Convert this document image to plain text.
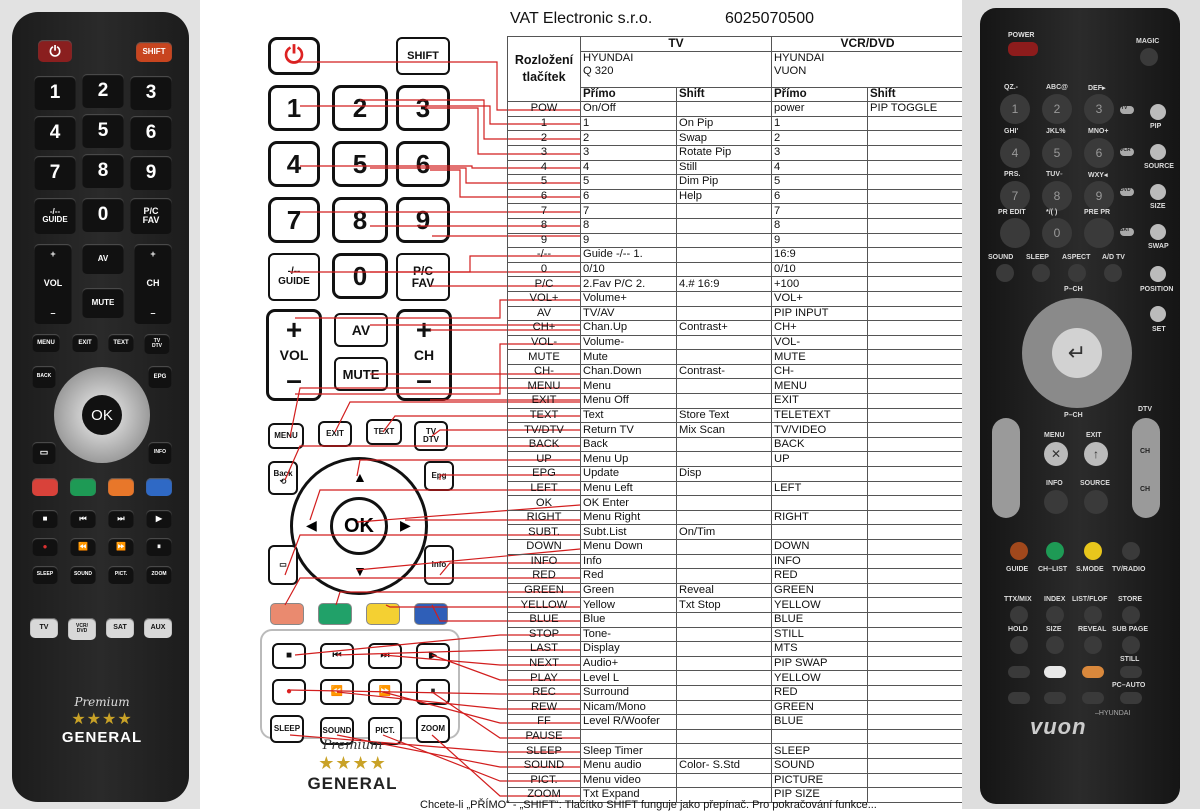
⏻	SHIFT
1	2	3
4	5	6
7	8	9
-/--
GUIDE	0	P/C
FAV
+
VOL
–
AV
MUTE
+
CH
–
MENU	EXIT	TEXT	TV
DTV
BACK	EPG
OK
▭	INFO
■	⏮	⏭	▶
●	⏪	⏩	⏸
SLEEP	SOUND	PICT.	ZOOM
TV	VCR/
DVD	SAT	AUX
Premium
★★★★
GENERAL
⏻	SHIFT
1	2	3
4	5	6
7	8	9
-/--
GUIDE	0	P/C
FAV
+
VOL
–
AV
MUTE
+
CH
–
MENU	EXIT	TEXT	TV
DTV
Back
⟲
Epg
OK
▲
▼
◀	▶
▭	Info
■	⏮	⏭	▶
●	⏪	⏩	⏸
SLEEP	SOUND	PICT.	ZOOM
Premium
★★★★
GENERAL
VAT Electronic s.r.o.	6025070500
Rozložení tlačítek	TV		VCR/DVD	
	HYUNDAI
Q 320		HYUNDAI
VUON	
	Přímo	Shift	Přímo	Shift
POW	On/Off		power	PIP TOGGLE
1	1	On Pip	1	
2	2	Swap	2	
3	3	Rotate Pip	3	
4	4	Still	4	
5	5	Dim Pip	5	
6	6	Help	6	
7	7		7	
8	8		8	
9	9		9	
-/--	Guide -/-- 1.		16:9	
0	0/10		0/10	
P/C	2.Fav P/C 2.	4.# 16:9	+100	
VOL+	Volume+		VOL+	
AV	TV/AV		PIP INPUT	
CH+	Chan.Up	Contrast+	CH+	
VOL-	Volume-		VOL-	
MUTE	Mute		MUTE	
CH-	Chan.Down	Contrast-	CH-	
MENU	Menu		MENU	
EXIT	Menu Off		EXIT	
TEXT	Text	Store Text	TELETEXT	
TV/DTV	Return TV	Mix Scan	TV/VIDEO	
BACK	Back		BACK	
UP	Menu Up		UP	
EPG	Update	Disp		
LEFT	Menu Left		LEFT	
OK	OK Enter			
RIGHT	Menu Right		RIGHT	
SUBT.	Subt.List	On/Tim		
DOWN	Menu Down		DOWN	
INFO	Info		INFO	
RED	Red		RED	
GREEN	Green	Reveal	GREEN	
YELLOW	Yellow	Txt Stop	YELLOW	
BLUE	Blue		BLUE	
STOP	Tone-		STILL	
LAST	Display		MTS	
NEXT	Audio+		PIP SWAP	
PLAY	Level L		YELLOW	
REC	Surround		RED	
REW	Nicam/Mono		GREEN	
FF	Level R/Woofer		BLUE	
PAUSE				
SLEEP	Sleep Timer		SLEEP	
SOUND	Menu audio	Color- S.Std	SOUND	
PICT.	Menu video		PICTURE	
ZOOM	Txt Expand		PIP SIZE	
Chcete-li „PŘÍMO“ - „SHIFT“: Tlačítko SHIFT funguje jako přepínač. Pro pokračování funkce...
POWER
MAGIC
QZ.-	ABC@	DEF▸
1	2	3
GHI'	JKL%	MNO+
4	5	6
PRS.	TUV◦	WXY◂
7	8	9
PR EDIT	*/( )	PRE PR
0
TV
VCR
DVD
SAT
PIP
SOURCE
SIZE
SWAP
POSITION
SET
SOUND SLEEP ASPECT A/D TV
P–CH
↵
P–CH
DTV
CH
CH
MENU	EXIT
✕	↑
INFO SOURCE
GUIDE CH–LIST S.MODE TV/RADIO
TTX/MIX INDEX LIST/FLOF STORE
HOLD	SIZE REVEAL SUB PAGE
STILL
PC–AUTO
vuon
–HYUNDAI
